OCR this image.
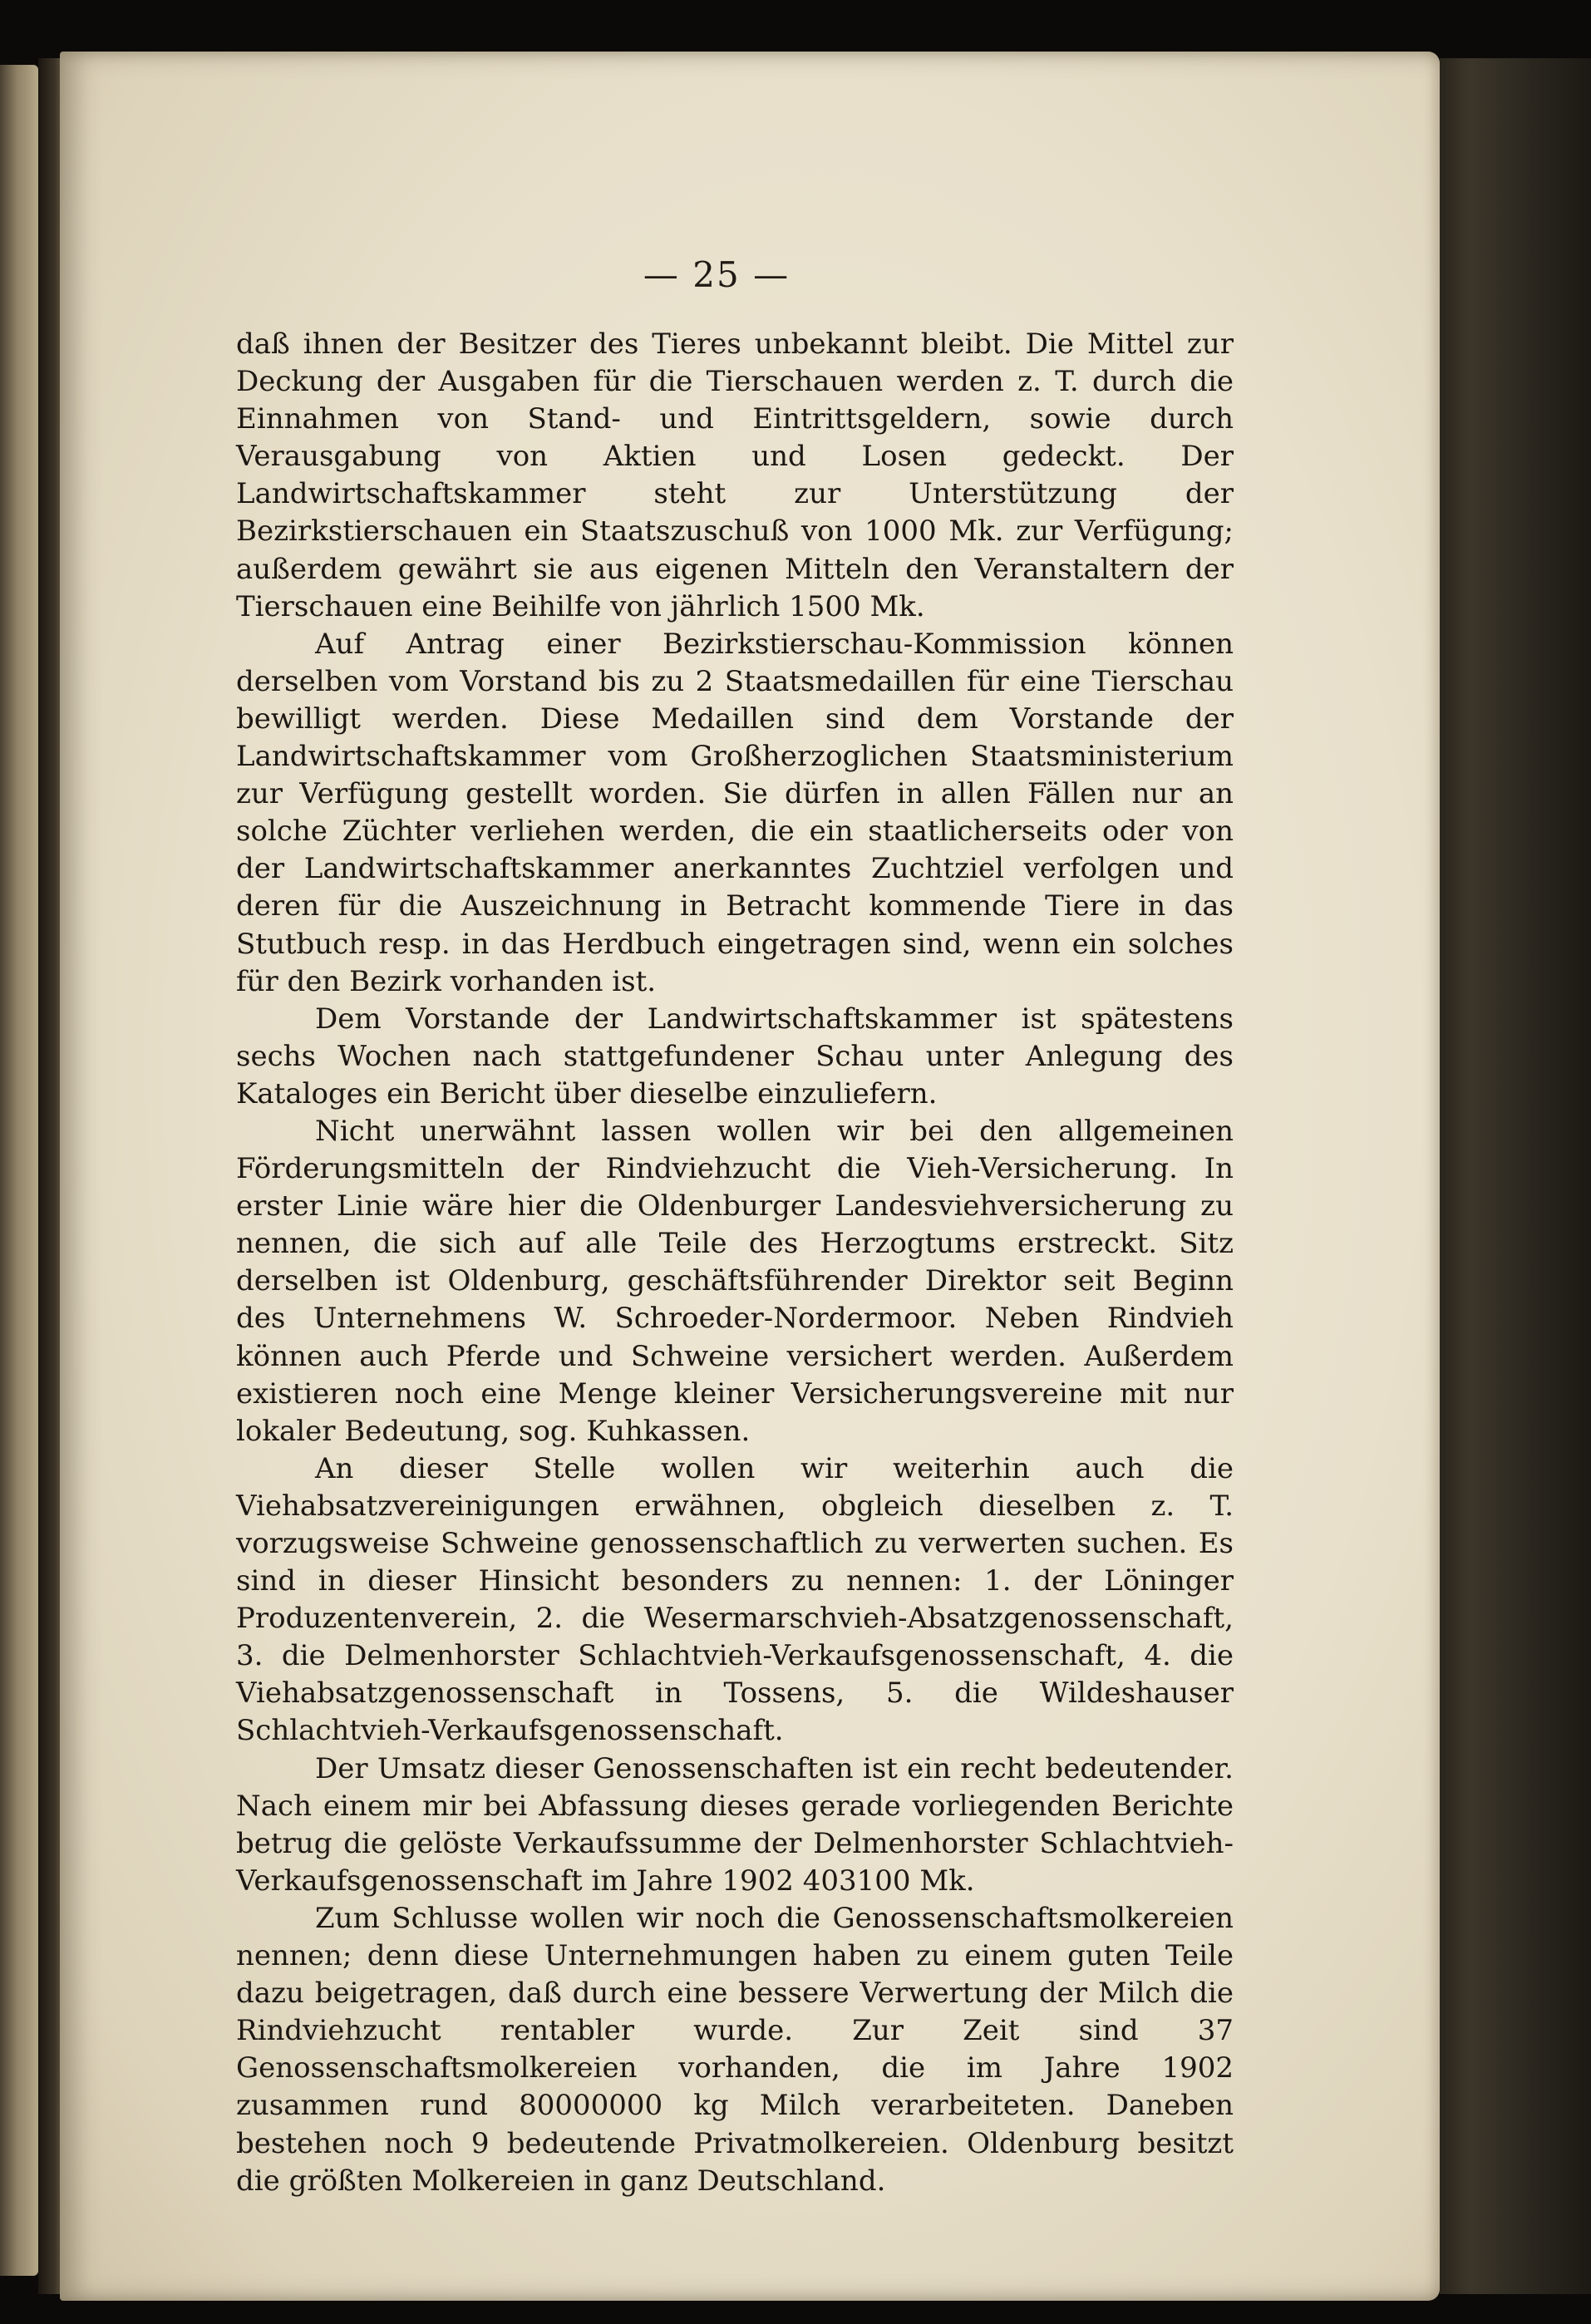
— 25 —

daß ihnen der Besitzer des Tieres unbekannt bleibt. Die Mittel zur Deckung der Ausgaben für die Tierschauen werden z. T. durch die Einnahmen von Stand- und Eintrittsgeldern, sowie durch Verausgabung von Aktien und Losen gedeckt. Der Landwirtschaftskammer steht zur Unterstützung der Bezirkstierschauen ein Staatszuschuß von 1000 Mk. zur Verfügung; außerdem gewährt sie aus eigenen Mitteln den Veranstaltern der Tierschauen eine Beihilfe von jährlich 1500 Mk.

Auf Antrag einer Bezirkstierschau-Kommission können derselben vom Vorstand bis zu 2 Staatsmedaillen für eine Tierschau bewilligt werden. Diese Medaillen sind dem Vorstande der Landwirtschaftskammer vom Großherzoglichen Staatsministerium zur Verfügung gestellt worden. Sie dürfen in allen Fällen nur an solche Züchter verliehen werden, die ein staatlicherseits oder von der Landwirtschaftskammer anerkanntes Zuchtziel verfolgen und deren für die Auszeichnung in Betracht kommende Tiere in das Stutbuch resp. in das Herdbuch eingetragen sind, wenn ein solches für den Bezirk vorhanden ist.

Dem Vorstande der Landwirtschaftskammer ist spätestens sechs Wochen nach stattgefundener Schau unter Anlegung des Kataloges ein Bericht über dieselbe einzuliefern.

Nicht unerwähnt lassen wollen wir bei den allgemeinen Förderungsmitteln der Rindviehzucht die Vieh-Versicherung. In erster Linie wäre hier die Oldenburger Landesviehversicherung zu nennen, die sich auf alle Teile des Herzogtums erstreckt. Sitz derselben ist Oldenburg, geschäftsführender Direktor seit Beginn des Unternehmens W. Schroeder-Nordermoor. Neben Rindvieh können auch Pferde und Schweine versichert werden. Außerdem existieren noch eine Menge kleiner Versicherungsvereine mit nur lokaler Bedeutung, sog. Kuhkassen.

An dieser Stelle wollen wir weiterhin auch die Viehabsatzvereinigungen erwähnen, obgleich dieselben z. T. vorzugsweise Schweine genossenschaftlich zu verwerten suchen. Es sind in dieser Hinsicht besonders zu nennen: 1. der Löninger Produzentenverein, 2. die Wesermarschvieh-Absatzgenossenschaft, 3. die Delmenhorster Schlachtvieh-Verkaufsgenossenschaft, 4. die Viehabsatzgenossenschaft in Tossens, 5. die Wildeshauser Schlachtvieh-Verkaufsgenossenschaft.

Der Umsatz dieser Genossenschaften ist ein recht bedeutender. Nach einem mir bei Abfassung dieses gerade vorliegenden Berichte betrug die gelöste Verkaufssumme der Delmenhorster Schlachtvieh-Verkaufsgenossenschaft im Jahre 1902 403100 Mk.

Zum Schlusse wollen wir noch die Genossenschaftsmolkereien nennen; denn diese Unternehmungen haben zu einem guten Teile dazu beigetragen, daß durch eine bessere Verwertung der Milch die Rindviehzucht rentabler wurde. Zur Zeit sind 37 Genossenschaftsmolkereien vorhanden, die im Jahre 1902 zusammen rund 80000000 kg Milch verarbeiteten. Daneben bestehen noch 9 bedeutende Privatmolkereien. Oldenburg besitzt die größten Molkereien in ganz Deutschland.
